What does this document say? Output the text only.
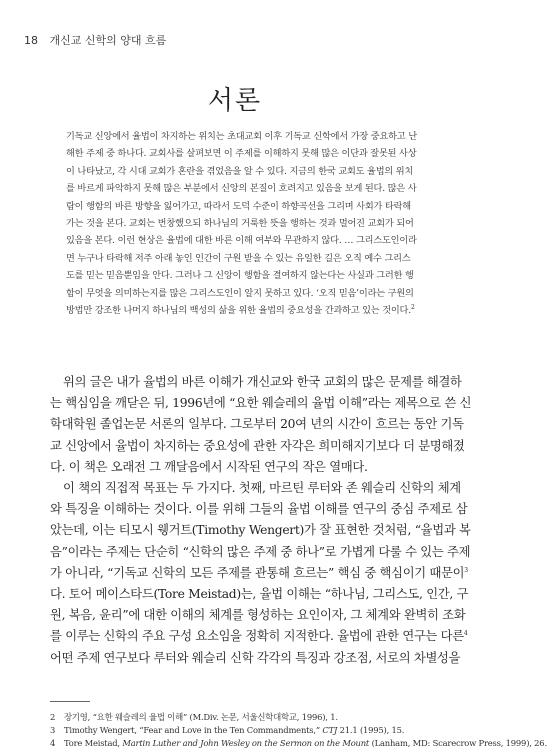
18 개신교 신학의 양대 흐름
서론
기독교 신앙에서 율법이 차지하는 위치는 초대교회 이후 기독교 신학에서 가장 중요하고 난
해한 주제 중 하나다. 교회사를 살펴보면 이 주제를 이해하지 못해 많은 이단과 잘못된 사상
이 나타났고, 각 시대 교회가 혼란을 겪었음을 알 수 있다. 지금의 한국 교회도 율법의 위치
를 바르게 파악하지 못해 많은 부분에서 신앙의 본질이 흐려지고 있음을 보게 된다. 많은 사
람이 행함의 바른 방향을 잃어가고, 따라서 도덕 수준이 하향곡선을 그리며 사회가 타락해
가는 것을 본다. 교회는 번창했으되 하나님의 거룩한 뜻을 행하는 것과 멀어진 교회가 되어
있음을 본다. 이런 현상은 율법에 대한 바른 이해 여부와 무관하지 않다. … 그리스도인이라
면 누구나 타락해 저주 아래 놓인 인간이 구원 받을 수 있는 유일한 길은 오직 예수 그리스
도를 믿는 믿음뿐임을 안다. 그러나 그 신앙이 행함을 결여하지 않는다는 사실과 그러한 행
함이 무엇을 의미하는지를 많은 그리스도인이 알지 못하고 있다. ‘오직 믿음’이라는 구원의
방법만 강조한 나머지 하나님의 백성의 삶을 위한 율법의 중요성을 간과하고 있는 것이다.$^2$
위의 글은 내가 율법의 바른 이해가 개신교와 한국 교회의 많은 문제를 해결하
는 핵심임을 깨닫은 뒤, 1996년에 “요한 웨슬레의 율법 이해”라는 제목으로 쓴 신
학대학원 졸업논문 서론의 일부다. 그로부터 20여 년의 시간이 흐르는 동안 기독
교 신앙에서 율법이 차지하는 중요성에 관한 자각은 희미해지기보다 더 분명해졌
다. 이 책은 오래전 그 깨달음에서 시작된 연구의 작은 열매다.
이 책의 직접적 목표는 두 가지다. 첫째, 마르틴 루터와 존 웨슬리 신학의 체계
와 특징을 이해하는 것이다. 이를 위해 그들의 율법 이해를 연구의 중심 주제로 삼
았는데, 이는 티모시 웽거트(Timothy Wengert)가 잘 표현한 것처럼, “율법과 복
음”이라는 주제는 단순히 “신학의 많은 주제 중 하나”로 가볍게 다룰 수 있는 주제
가 아니라, “기독교 신학의 모든 주제를 관통해 흐르는” 핵심 중 핵심이기 때문이$^3$
다. 토어 메이스타드(Tore Meistad)는, 율법 이해는 “하나님, 그리스도, 인간, 구
원, 복음, 윤리”에 대한 이해의 체계를 형성하는 요인이자, 그 체계와 완벽히 조화
를 이루는 신학의 주요 구성 요소임을 정확히 지적한다. 율법에 관한 연구는 다른$^4$
어떤 주제 연구보다 루터와 웨슬리 신학 각각의 특징과 강조점, 서로의 차별성을
2 장기영, “요한 웨슬레의 율법 이해” (M.Div. 논문, 서울신학대학교, 1996), 1.
3 Timothy Wengert, “Fear and Love in the Ten Commandments,” CTJ 21.1 (1995), 15.
4 Tore Meistad, Martin Luther and John Wesley on the Sermon on the Mount (Lanham, MD: Scarecrow Press, 1999), 26.
